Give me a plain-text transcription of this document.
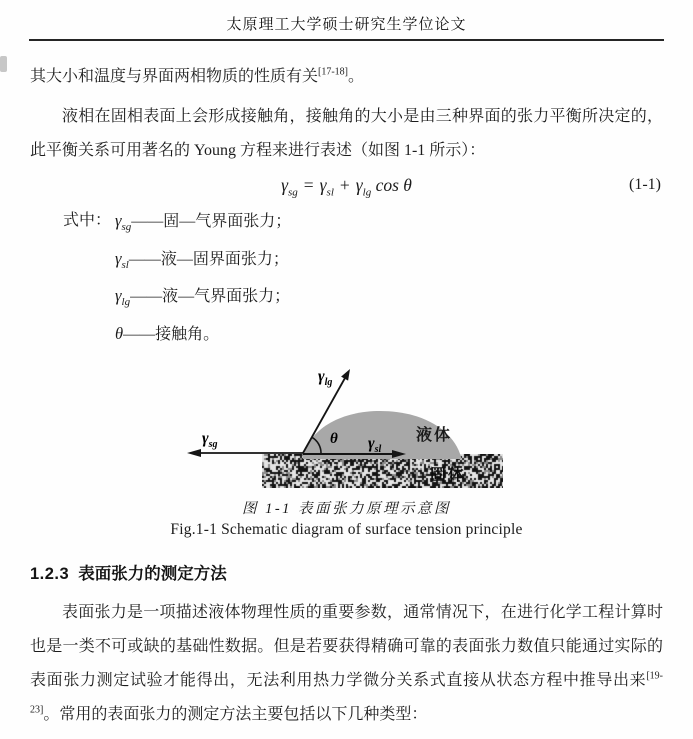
太原理工大学硕士研究生学位论文

其大小和温度与界面两相物质的性质有关[17-18]。

液相在固相表面上会形成接触角，接触角的大小是由三种界面的张力平衡所决定的，此平衡关系可用著名的 Young 方程来进行表述（如图 1-1 所示）：

$\gamma_{sg} = \gamma_{sl} + \gamma_{lg}$ cos θ	(1-1)
式中： $\gamma_{sg}——$固—气界面张力；
$\gamma_{sl}——$液—固界面张力；
$\gamma_{lg}——$液—气界面张力；
θ——接触角。
$\gamma_{lg}$
$\gamma_{sg}$	$\gamma_{sl}$
θ	液体
固体
图 1-1 表面张力原理示意图
Fig.1-1 Schematic diagram of surface tension principle
1.2.3 表面张力的测定方法

表面张力是一项描述液体物理性质的重要参数，通常情况下，在进行化学工程计算时也是一类不可或缺的基础性数据。但是若要获得精确可靠的表面张力数值只能通过实际的表面张力测定试验才能得出，无法利用热力学微分关系式直接从状态方程中推导出来[19-23]。常用的表面张力的测定方法主要包括以下几种类型：
